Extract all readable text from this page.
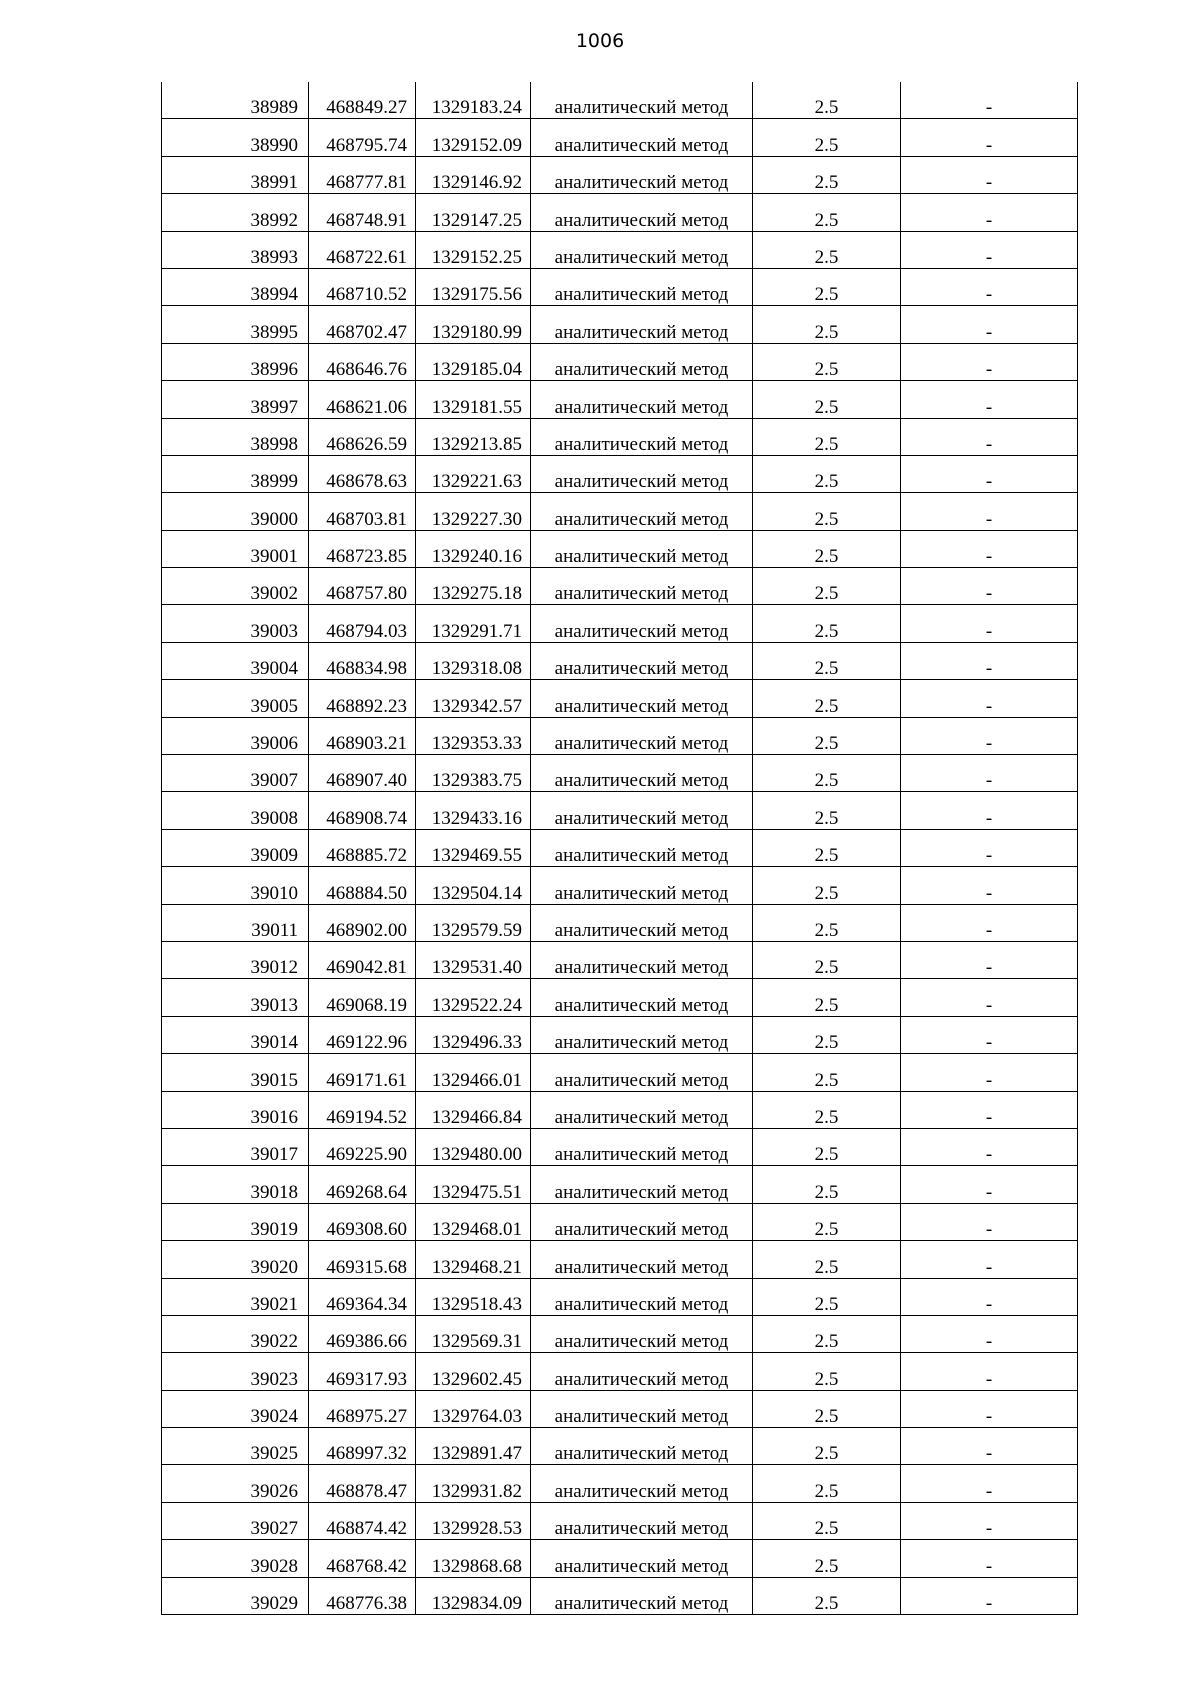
1006
38989	468849.27	1329183.24	аналитический метод	2.5	-
38990	468795.74	1329152.09	аналитический метод	2.5	-
38991	468777.81	1329146.92	аналитический метод	2.5	-
38992	468748.91	1329147.25	аналитический метод	2.5	-
38993	468722.61	1329152.25	аналитический метод	2.5	-
38994	468710.52	1329175.56	аналитический метод	2.5	-
38995	468702.47	1329180.99	аналитический метод	2.5	-
38996	468646.76	1329185.04	аналитический метод	2.5	-
38997	468621.06	1329181.55	аналитический метод	2.5	-
38998	468626.59	1329213.85	аналитический метод	2.5	-
38999	468678.63	1329221.63	аналитический метод	2.5	-
39000	468703.81	1329227.30	аналитический метод	2.5	-
39001	468723.85	1329240.16	аналитический метод	2.5	-
39002	468757.80	1329275.18	аналитический метод	2.5	-
39003	468794.03	1329291.71	аналитический метод	2.5	-
39004	468834.98	1329318.08	аналитический метод	2.5	-
39005	468892.23	1329342.57	аналитический метод	2.5	-
39006	468903.21	1329353.33	аналитический метод	2.5	-
39007	468907.40	1329383.75	аналитический метод	2.5	-
39008	468908.74	1329433.16	аналитический метод	2.5	-
39009	468885.72	1329469.55	аналитический метод	2.5	-
39010	468884.50	1329504.14	аналитический метод	2.5	-
39011	468902.00	1329579.59	аналитический метод	2.5	-
39012	469042.81	1329531.40	аналитический метод	2.5	-
39013	469068.19	1329522.24	аналитический метод	2.5	-
39014	469122.96	1329496.33	аналитический метод	2.5	-
39015	469171.61	1329466.01	аналитический метод	2.5	-
39016	469194.52	1329466.84	аналитический метод	2.5	-
39017	469225.90	1329480.00	аналитический метод	2.5	-
39018	469268.64	1329475.51	аналитический метод	2.5	-
39019	469308.60	1329468.01	аналитический метод	2.5	-
39020	469315.68	1329468.21	аналитический метод	2.5	-
39021	469364.34	1329518.43	аналитический метод	2.5	-
39022	469386.66	1329569.31	аналитический метод	2.5	-
39023	469317.93	1329602.45	аналитический метод	2.5	-
39024	468975.27	1329764.03	аналитический метод	2.5	-
39025	468997.32	1329891.47	аналитический метод	2.5	-
39026	468878.47	1329931.82	аналитический метод	2.5	-
39027	468874.42	1329928.53	аналитический метод	2.5	-
39028	468768.42	1329868.68	аналитический метод	2.5	-
39029	468776.38	1329834.09	аналитический метод	2.5	-
